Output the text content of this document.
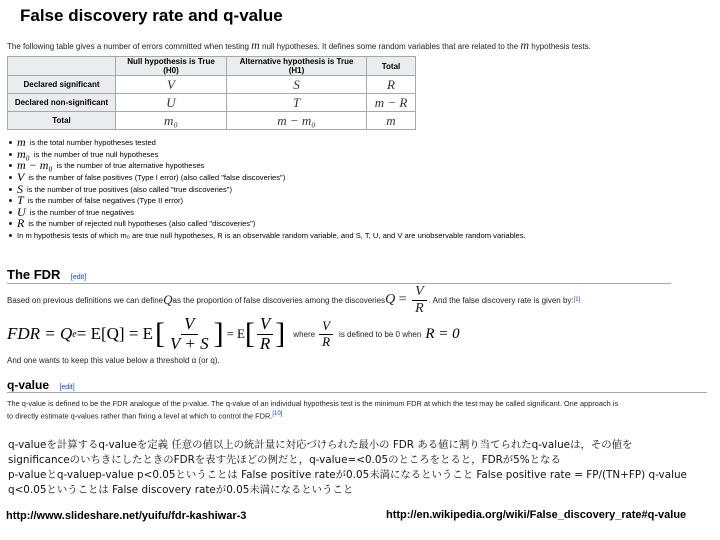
False discovery rate and q-value
The following table gives a number of errors committed when testing m null hypotheses. It defines some random variables that are related to the m hypothesis tests.
	Null hypothesis is True (H0)	Alternative hypothesis is True (H1)	Total
Declared significant	V	S	R
Declared non-significant	U	T	m − R
Total	m₀	m − m₀	m
m is the total number hypotheses tested
m₀ is the number of true null hypotheses
m − m₀ is the number of true alternative hypotheses
V is the number of false positives (Type I error) (also called "false discoveries")
S is the number of true positives (also called "true discoveries")
T is the number of false negatives (Type II error)
U is the number of true negatives
R is the number of rejected null hypotheses (also called "discoveries")
In m hypothesis tests of which m₀ are true null hypotheses, R is an observable random variable, and S, T, U, and V are unobservable random variables.
The FDR [edit]
Based on previous definitions we can define Q as the proportion of false discoveries among the discoveries $Q = \frac{V}{R}$ . And the false discovery rate is given by: [1]
FDR = Q e = E[Q] = E [ $\frac{V}{V + S}$ ] = E [ $\frac{V}{R}$ ] where $\frac{V}{R}$ is defined to be 0 when R = 0
And one wants to keep this value below a threshold α (or q).
q-value [edit]
The q-value is defined to be the FDR analogue of the p-value. The q-value of an individual hypothesis test is the minimum FDR at which the test may be called significant. One approach is
to directly estimate q-values rather than fixing a level at which to control the FDR.[10]
q-valueを計算するq-valueを定義 任意の値以上の統計量に対応づけられた最小の FDR ある値に割り当てられたq-valueは，その値を
significanceのいちきにしたときのFDRを表す先ほどの例だと，q-value=<0.05のところをとると，FDRが5%となる
p-valueとq-valuep-value p<0.05ということは False positive rateが0.05未満になるということ False positive rate = FP/(TN+FP) q-value
q<0.05ということは False discovery rateが0.05未満になるということ
http://www.slideshare.net/yuifu/fdr-kashiwar-3	http://en.wikipedia.org/wiki/False_discovery_rate#q-value
